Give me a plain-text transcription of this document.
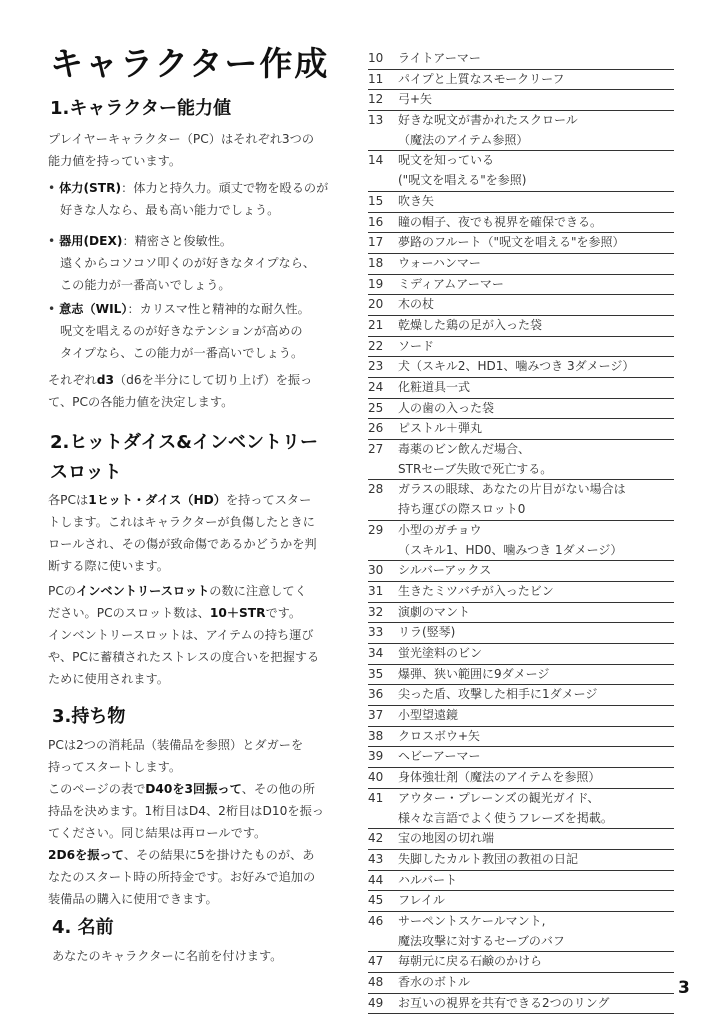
キャラクター作成
1.キャラクター能力値
プレイヤーキャラクター（PC）はそれぞれ3つの
能力値を持っています。
• 体力(STR)：体力と持久力。頑丈で物を殴るのが
好きな人なら、最も高い能力でしょう。
• 器用(DEX)：精密さと俊敏性。
遠くからコソコソ叩くのが好きなタイプなら、
この能力が一番高いでしょう。
• 意志（WIL）：カリスマ性と精神的な耐久性。
呪文を唱えるのが好きなテンションが高めの
タイプなら、この能力が一番高いでしょう。
それぞれd3（d6を半分にして切り上げ）を振っ
て、PCの各能力値を決定します。
2.ヒットダイス&インベントリー
スロット
各PCは1ヒット・ダイス（HD）を持ってスター
トします。これはキャラクターが負傷したときに
ロールされ、その傷が致命傷であるかどうかを判
断する際に使います。
PCのインベントリースロットの数に注意してく
ださい。PCのスロット数は、10＋STRです。
インベントリースロットは、アイテムの持ち運び
や、PCに蓄積されたストレスの度合いを把握する
ために使用されます。
3.持ち物
PCは2つの消耗品（装備品を参照）とダガーを
持ってスタートします。
このページの表でD40を3回振って、その他の所
持品を決めます。1桁目はD4、2桁目はD10を振っ
てください。同じ結果は再ロールです。
2D6を振って、その結果に5を掛けたものが、あ
なたのスタート時の所持金です。お好みで追加の
装備品の購入に使用できます。
4. 名前
あなたのキャラクターに名前を付けます。
10	ライトアーマー
11	パイプと上質なスモークリーフ
12	弓+矢
13	好きな呪文が書かれたスクロール
（魔法のアイテム参照）
14	呪文を知っている
("呪文を唱える"を参照)
15	吹き矢
16	瞳の帽子、夜でも視界を確保できる。
17	夢路のフルート（"呪文を唱える"を参照）
18	ウォーハンマー
19	ミディアムアーマー
20	木の杖
21	乾燥した鶏の足が入った袋
22	ソード
23	犬（スキル2、HD1、噛みつき 3ダメージ）
24	化粧道具一式
25	人の歯の入った袋
26	ピストル＋弾丸
27	毒薬のビン飲んだ場合、
STRセーブ失敗で死亡する。
28	ガラスの眼球、あなたの片目がない場合は
持ち運びの際スロット0
29	小型のガチョウ
（スキル1、HD0、噛みつき 1ダメージ）
30	シルバーアックス
31	生きたミツバチが入ったビン
32	演劇のマント
33	リラ(竪琴)
34	蛍光塗料のビン
35	爆弾、狭い範囲に9ダメージ
36	尖った盾、攻撃した相手に1ダメージ
37	小型望遠鏡
38	クロスボウ+矢
39	ヘビーアーマー
40	身体強壮剤（魔法のアイテムを参照）
41	アウター・プレーンズの観光ガイド、
様々な言語でよく使うフレーズを掲載。
42	宝の地図の切れ端
43	失脚したカルト教団の教祖の日記
44	ハルバート
45	フレイル
46	サーペントスケールマント,
魔法攻撃に対するセーブのバフ
47	毎朝元に戻る石鹸のかけら
48	香水のボトル
49	お互いの視界を共有できる2つのリング
3
